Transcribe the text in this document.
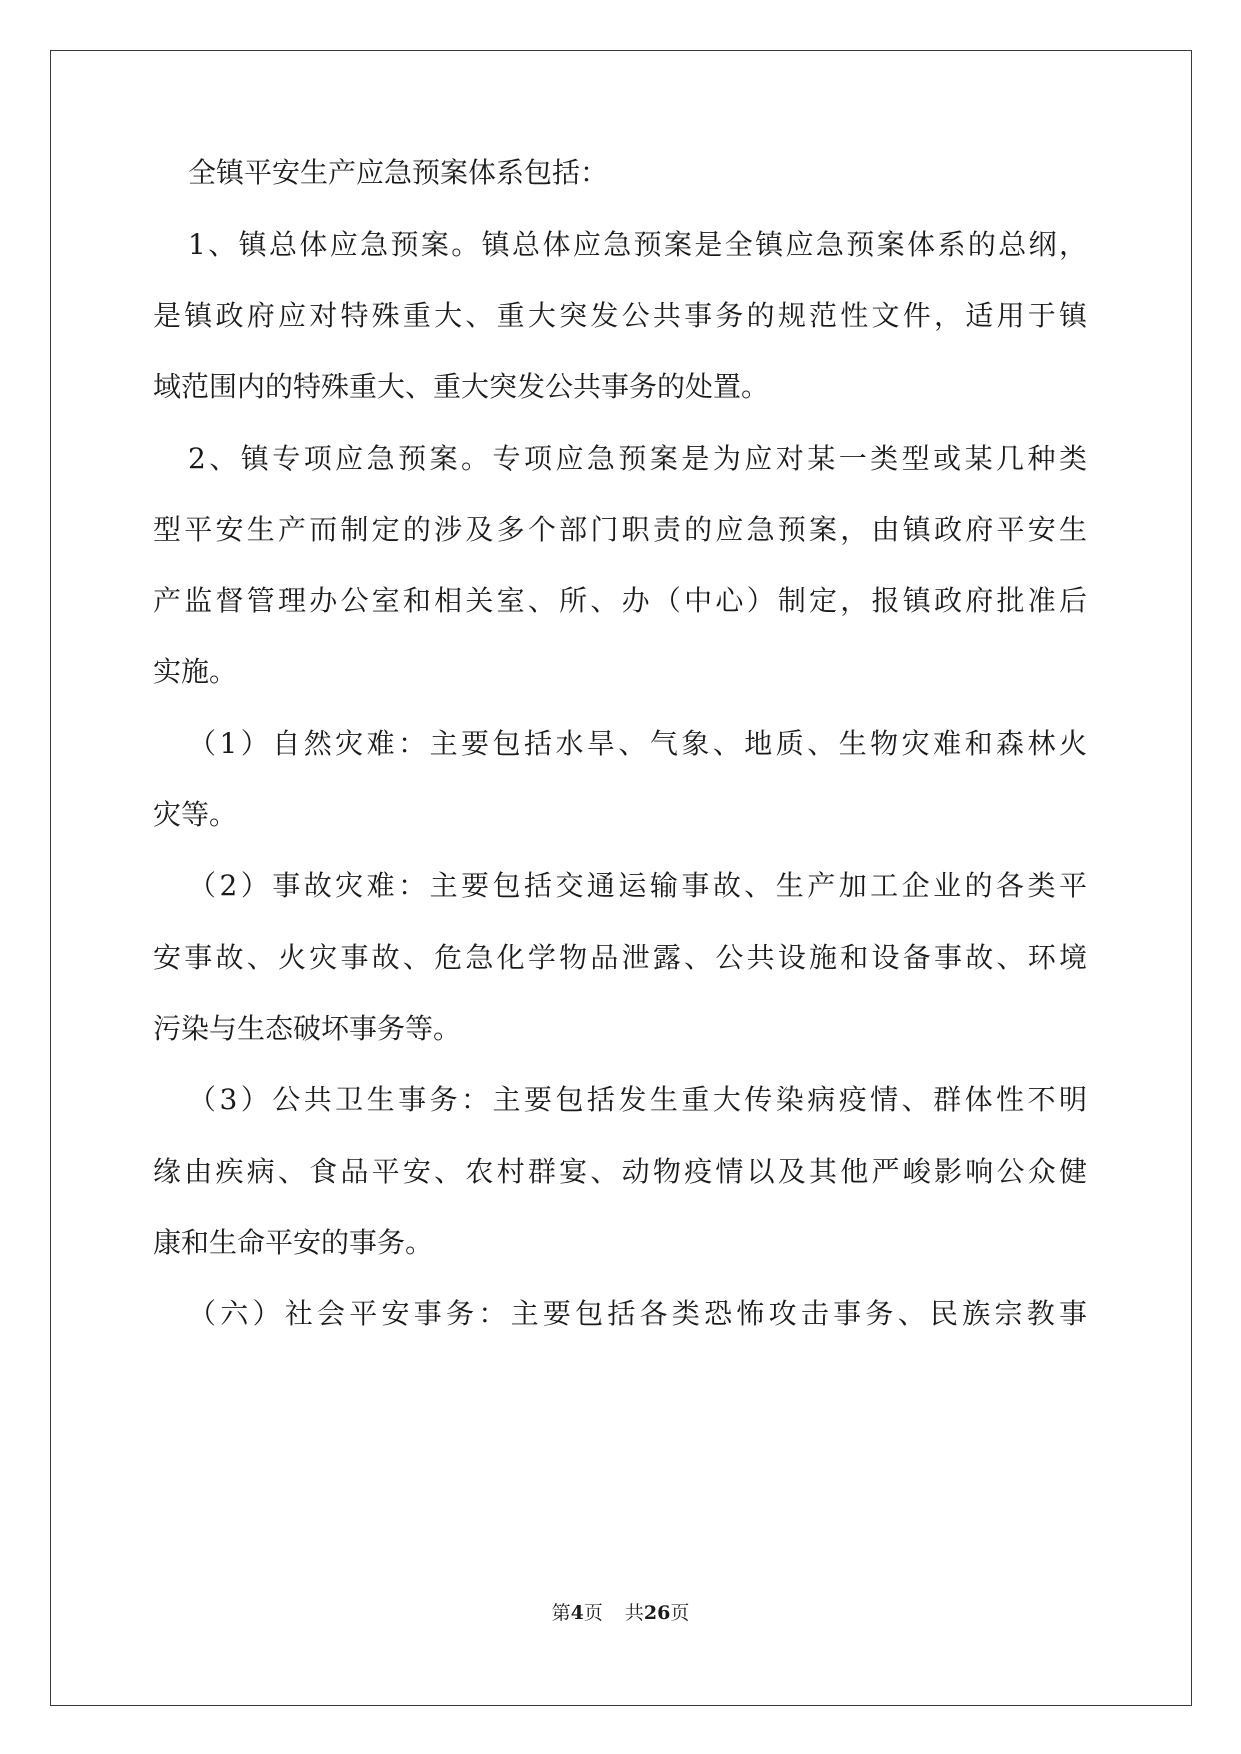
全镇平安生产应急预案体系包括：
1、镇总体应急预案。镇总体应急预案是全镇应急预案体系的总纲，
是镇政府应对特殊重大、重大突发公共事务的规范性文件，适用于镇
域范围内的特殊重大、重大突发公共事务的处置。
2、镇专项应急预案。专项应急预案是为应对某一类型或某几种类
型平安生产而制定的涉及多个部门职责的应急预案，由镇政府平安生
产监督管理办公室和相关室、所、办（中心）制定，报镇政府批准后
实施。
（1）自然灾难：主要包括水旱、气象、地质、生物灾难和森林火
灾等。
（2）事故灾难：主要包括交通运输事故、生产加工企业的各类平
安事故、火灾事故、危急化学物品泄露、公共设施和设备事故、环境
污染与生态破坏事务等。
（3）公共卫生事务：主要包括发生重大传染病疫情、群体性不明
缘由疾病、食品平安、农村群宴、动物疫情以及其他严峻影响公众健
康和生命平安的事务。
（六）社会平安事务：主要包括各类恐怖攻击事务、民族宗教事
第4页 共26页
